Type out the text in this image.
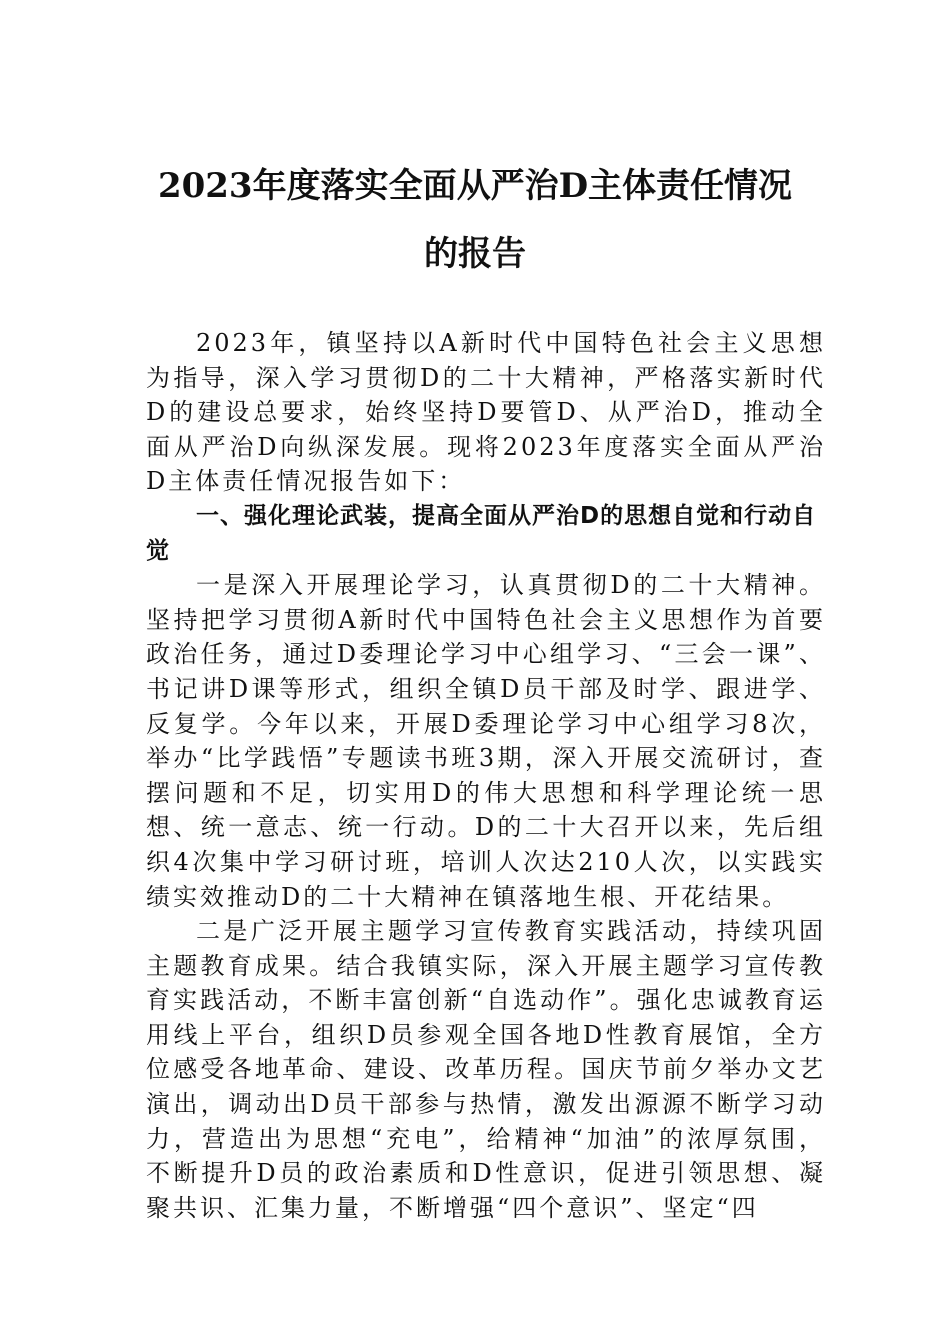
2023年度落实全面从严治D主体责任情况
的报告

2023年，镇坚持以A新时代中国特色社会主义思想为指导，深入学习贯彻D的二十大精神，严格落实新时代D的建设总要求，始终坚持D要管D、从严治D，推动全面从严治D向纵深发展。现将2023年度落实全面从严治D主体责任情况报告如下：

一、强化理论武装，提高全面从严治D的思想自觉和行动自觉

一是深入开展理论学习，认真贯彻D的二十大精神。坚持把学习贯彻A新时代中国特色社会主义思想作为首要政治任务，通过D委理论学习中心组学习、“三会一课”、书记讲D课等形式，组织全镇D员干部及时学、跟进学、反复学。今年以来，开展D委理论学习中心组学习8次，举办“比学践悟”专题读书班3期，深入开展交流研讨，查摆问题和不足，切实用D的伟大思想和科学理论统一思想、统一意志、统一行动。D的二十大召开以来，先后组织4次集中学习研讨班，培训人次达210人次，以实践实绩实效推动D的二十大精神在镇落地生根、开花结果。

二是广泛开展主题学习宣传教育实践活动，持续巩固主题教育成果。结合我镇实际，深入开展主题学习宣传教育实践活动，不断丰富创新“自选动作”。强化忠诚教育运用线上平台，组织D员参观全国各地D性教育展馆，全方位感受各地革命、建设、改革历程。国庆节前夕举办文艺演出，调动出D员干部参与热情，激发出源源不断学习动力，营造出为思想“充电”，给精神“加油”的浓厚氛围，不断提升D员的政治素质和D性意识，促进引领思想、凝聚共识、汇集力量，不断增强“四个意识”、坚定“四
